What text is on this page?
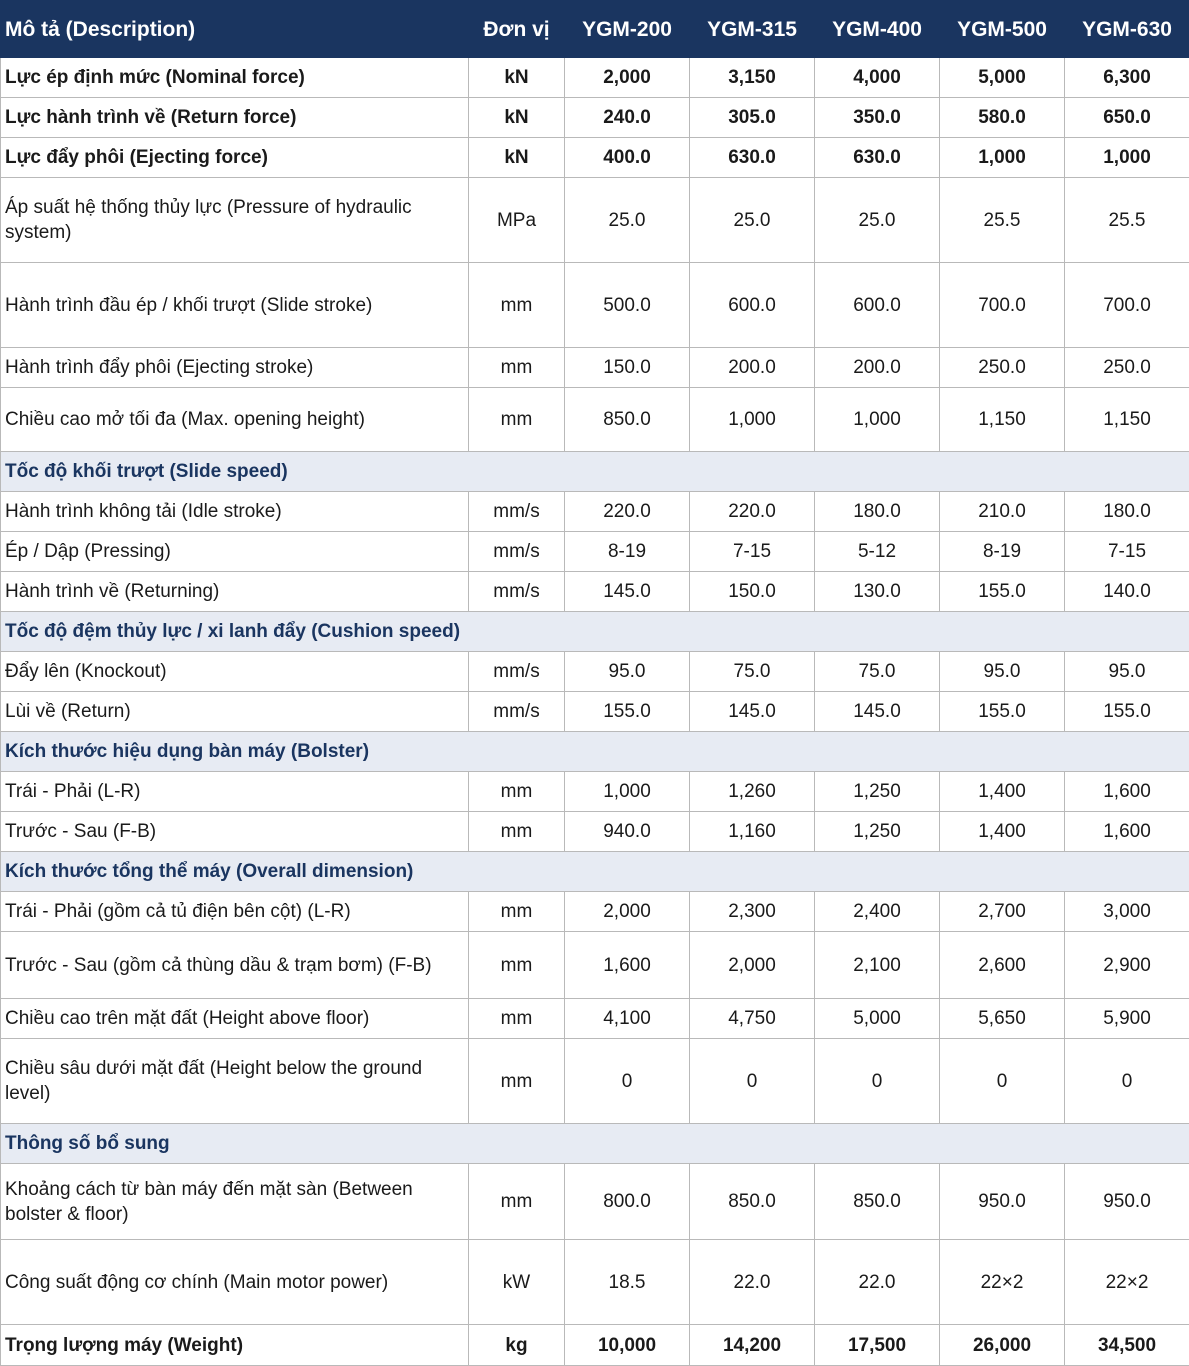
Mô tả (Description)	Đơn vị	YGM-200	YGM-315	YGM-400	YGM-500	YGM-630
Lực ép định mức (Nominal force)	kN	2,000	3,150	4,000	5,000	6,300
Lực hành trình về (Return force)	kN	240.0	305.0	350.0	580.0	650.0
Lực đẩy phôi (Ejecting force)	kN	400.0	630.0	630.0	1,000	1,000
Áp suất hệ thống thủy lực (Pressure of hydraulic system)	MPa	25.0	25.0	25.0	25.5	25.5
Hành trình đầu ép / khối trượt (Slide stroke)	mm	500.0	600.0	600.0	700.0	700.0
Hành trình đẩy phôi (Ejecting stroke)	mm	150.0	200.0	200.0	250.0	250.0
Chiều cao mở tối đa (Max. opening height)	mm	850.0	1,000	1,000	1,150	1,150
Tốc độ khối trượt (Slide speed)						
Hành trình không tải (Idle stroke)	mm/s	220.0	220.0	180.0	210.0	180.0
Ép / Dập (Pressing)	mm/s	8-19	7-15	5-12	8-19	7-15
Hành trình về (Returning)	mm/s	145.0	150.0	130.0	155.0	140.0
Tốc độ đệm thủy lực / xi lanh đẩy (Cushion speed)						
Đẩy lên (Knockout)	mm/s	95.0	75.0	75.0	95.0	95.0
Lùi về (Return)	mm/s	155.0	145.0	145.0	155.0	155.0
Kích thước hiệu dụng bàn máy (Bolster)						
Trái - Phải (L-R)	mm	1,000	1,260	1,250	1,400	1,600
Trước - Sau (F-B)	mm	940.0	1,160	1,250	1,400	1,600
Kích thước tổng thể máy (Overall dimension)						
Trái - Phải (gồm cả tủ điện bên cột) (L-R)	mm	2,000	2,300	2,400	2,700	3,000
Trước - Sau (gồm cả thùng dầu & trạm bơm) (F-B)	mm	1,600	2,000	2,100	2,600	2,900
Chiều cao trên mặt đất (Height above floor)	mm	4,100	4,750	5,000	5,650	5,900
Chiều sâu dưới mặt đất (Height below the ground level)	mm	0	0	0	0	0
Thông số bổ sung						
Khoảng cách từ bàn máy đến mặt sàn (Between bolster & floor)	mm	800.0	850.0	850.0	950.0	950.0
Công suất động cơ chính (Main motor power)	kW	18.5	22.0	22.0	22×2	22×2
Trọng lượng máy (Weight)	kg	10,000	14,200	17,500	26,000	34,500
